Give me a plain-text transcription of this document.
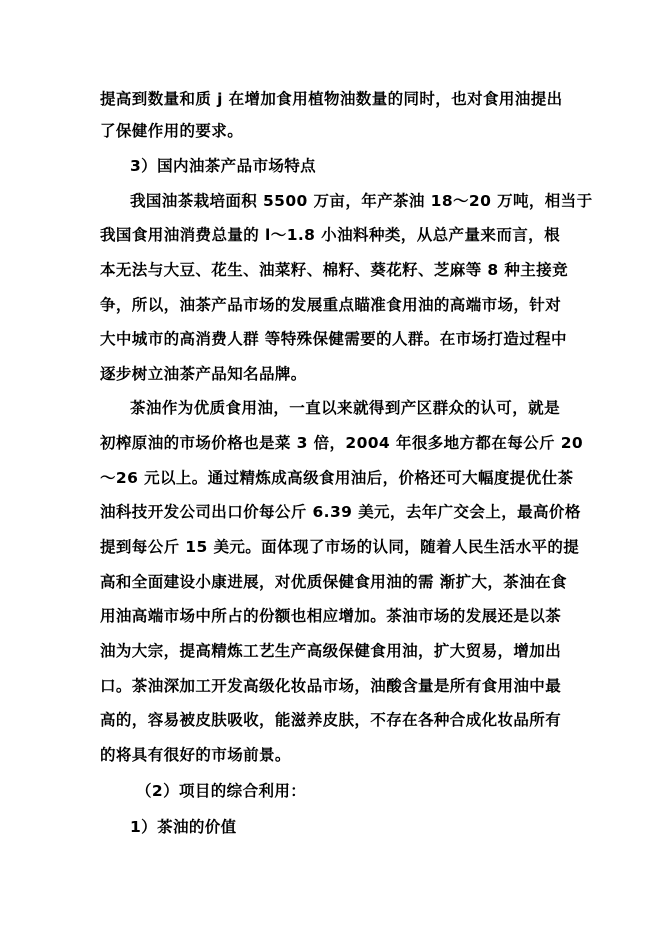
提高到数量和质 j 在增加食用植物油数量的同时，也对食用油提出
了保健作用的要求。
3）国内油茶产品市场特点
我国油茶栽培面积 5500 万亩，年产茶油 18～20 万吨，相当于
我国食用油消费总量的 l～1.8 小油料种类，从总产量来而言，根
本无法与大豆、花生、油菜籽、棉籽、葵花籽、芝麻等 8 种主接竞
争，所以，油茶产品市场的发展重点瞄准食用油的高端市场，针对
大中城市的高消费人群 等特殊保健需要的人群。在市场打造过程中
逐步树立油茶产品知名品牌。
茶油作为优质食用油，一直以来就得到产区群众的认可，就是
初榨原油的市场价格也是菜 3 倍，2004 年很多地方都在每公斤 20
～26 元以上。通过精炼成高级食用油后，价格还可大幅度提优仕茶
油科技开发公司出口价每公斤 6.39 美元，去年广交会上，最高价格
提到每公斤 15 美元。面体现了市场的认同，随着人民生活水平的提
高和全面建设小康进展，对优质保健食用油的需 渐扩大，茶油在食
用油高端市场中所占的份额也相应增加。茶油市场的发展还是以茶
油为大宗，提高精炼工艺生产高级保健食用油，扩大贸易，增加出
口。茶油深加工开发高级化妆品市场，油酸含量是所有食用油中最
高的，容易被皮肤吸收，能滋养皮肤，不存在各种合成化妆品所有
的将具有很好的市场前景。
（2）项目的综合利用：
1）茶油的价值
